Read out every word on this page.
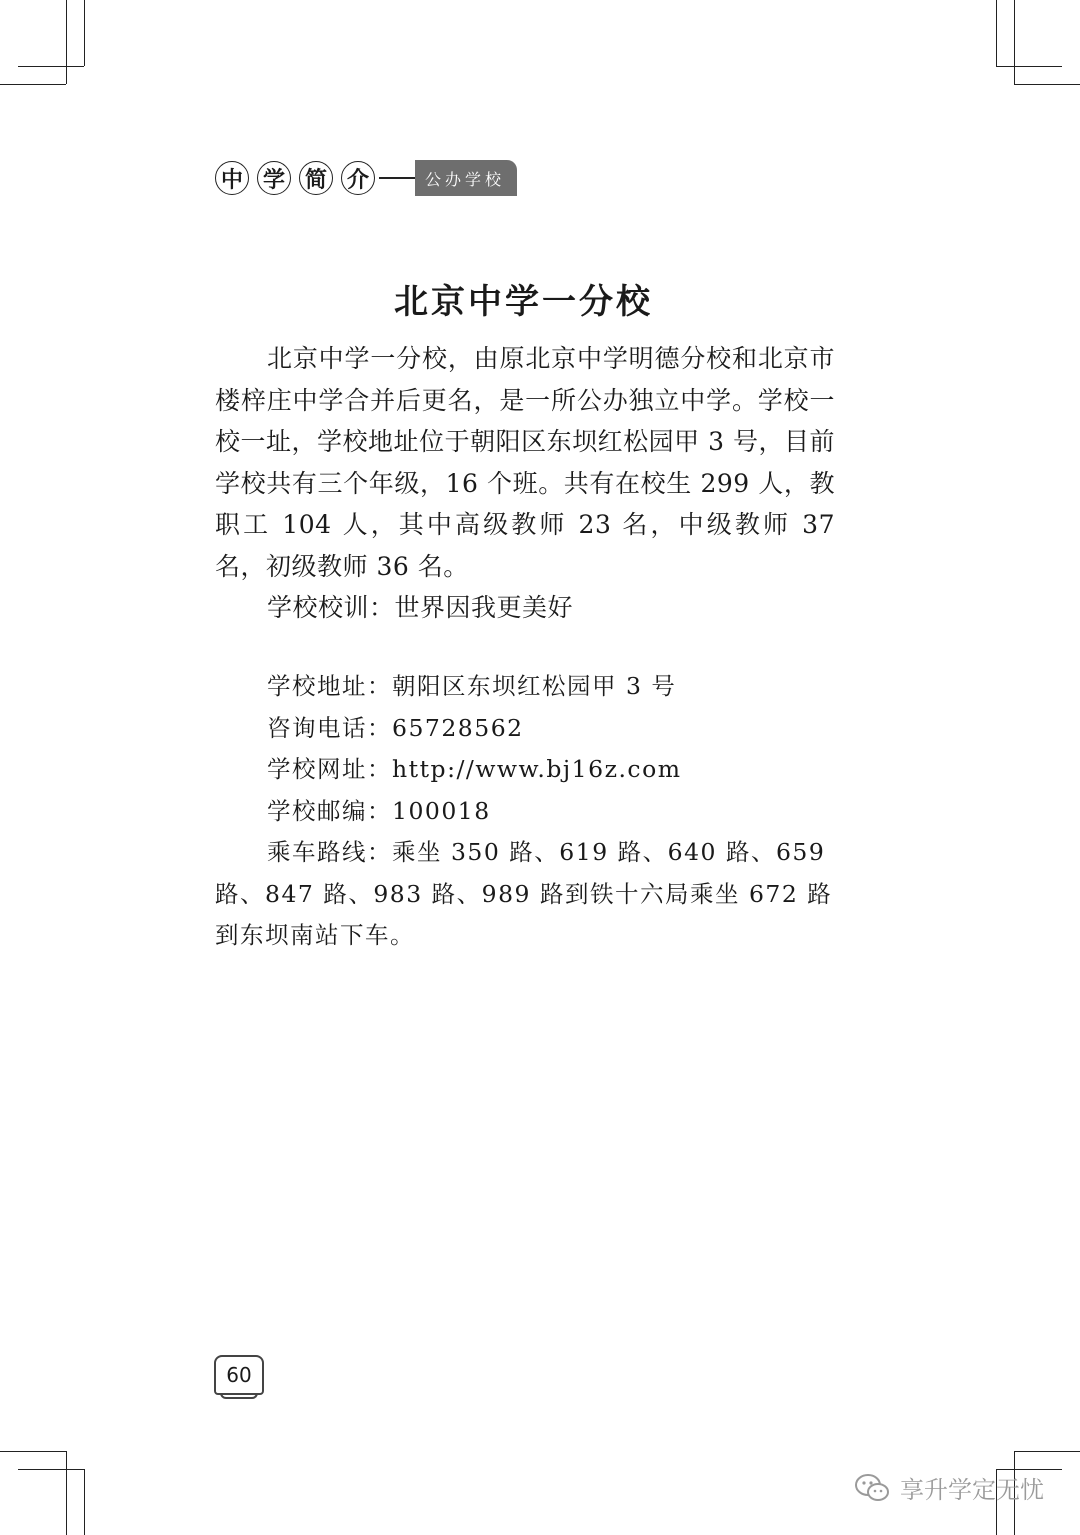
中 学 简 介	公办学校
北京中学一分校

北京中学一分校，由原北京中学明德分校和北京市楼梓庄中学合并后更名，是一所公办独立中学。学校一校一址，学校地址位于朝阳区东坝红松园甲 3 号，目前学校共有三个年级，16 个班。共有在校生 299 人，教职工 104 人，其中高级教师 23 名，中级教师 37 名，初级教师 36 名。

学校校训：世界因我更美好

学校地址：朝阳区东坝红松园甲 3 号

咨询电话：65728562

学校网址：http://www.bj16z.com

学校邮编：100018

乘车路线：乘坐 350 路、619 路、640 路、659 路、847 路、983 路、989 路到铁十六局乘坐 672 路到东坝南站下车。

60
享升学定无忧
